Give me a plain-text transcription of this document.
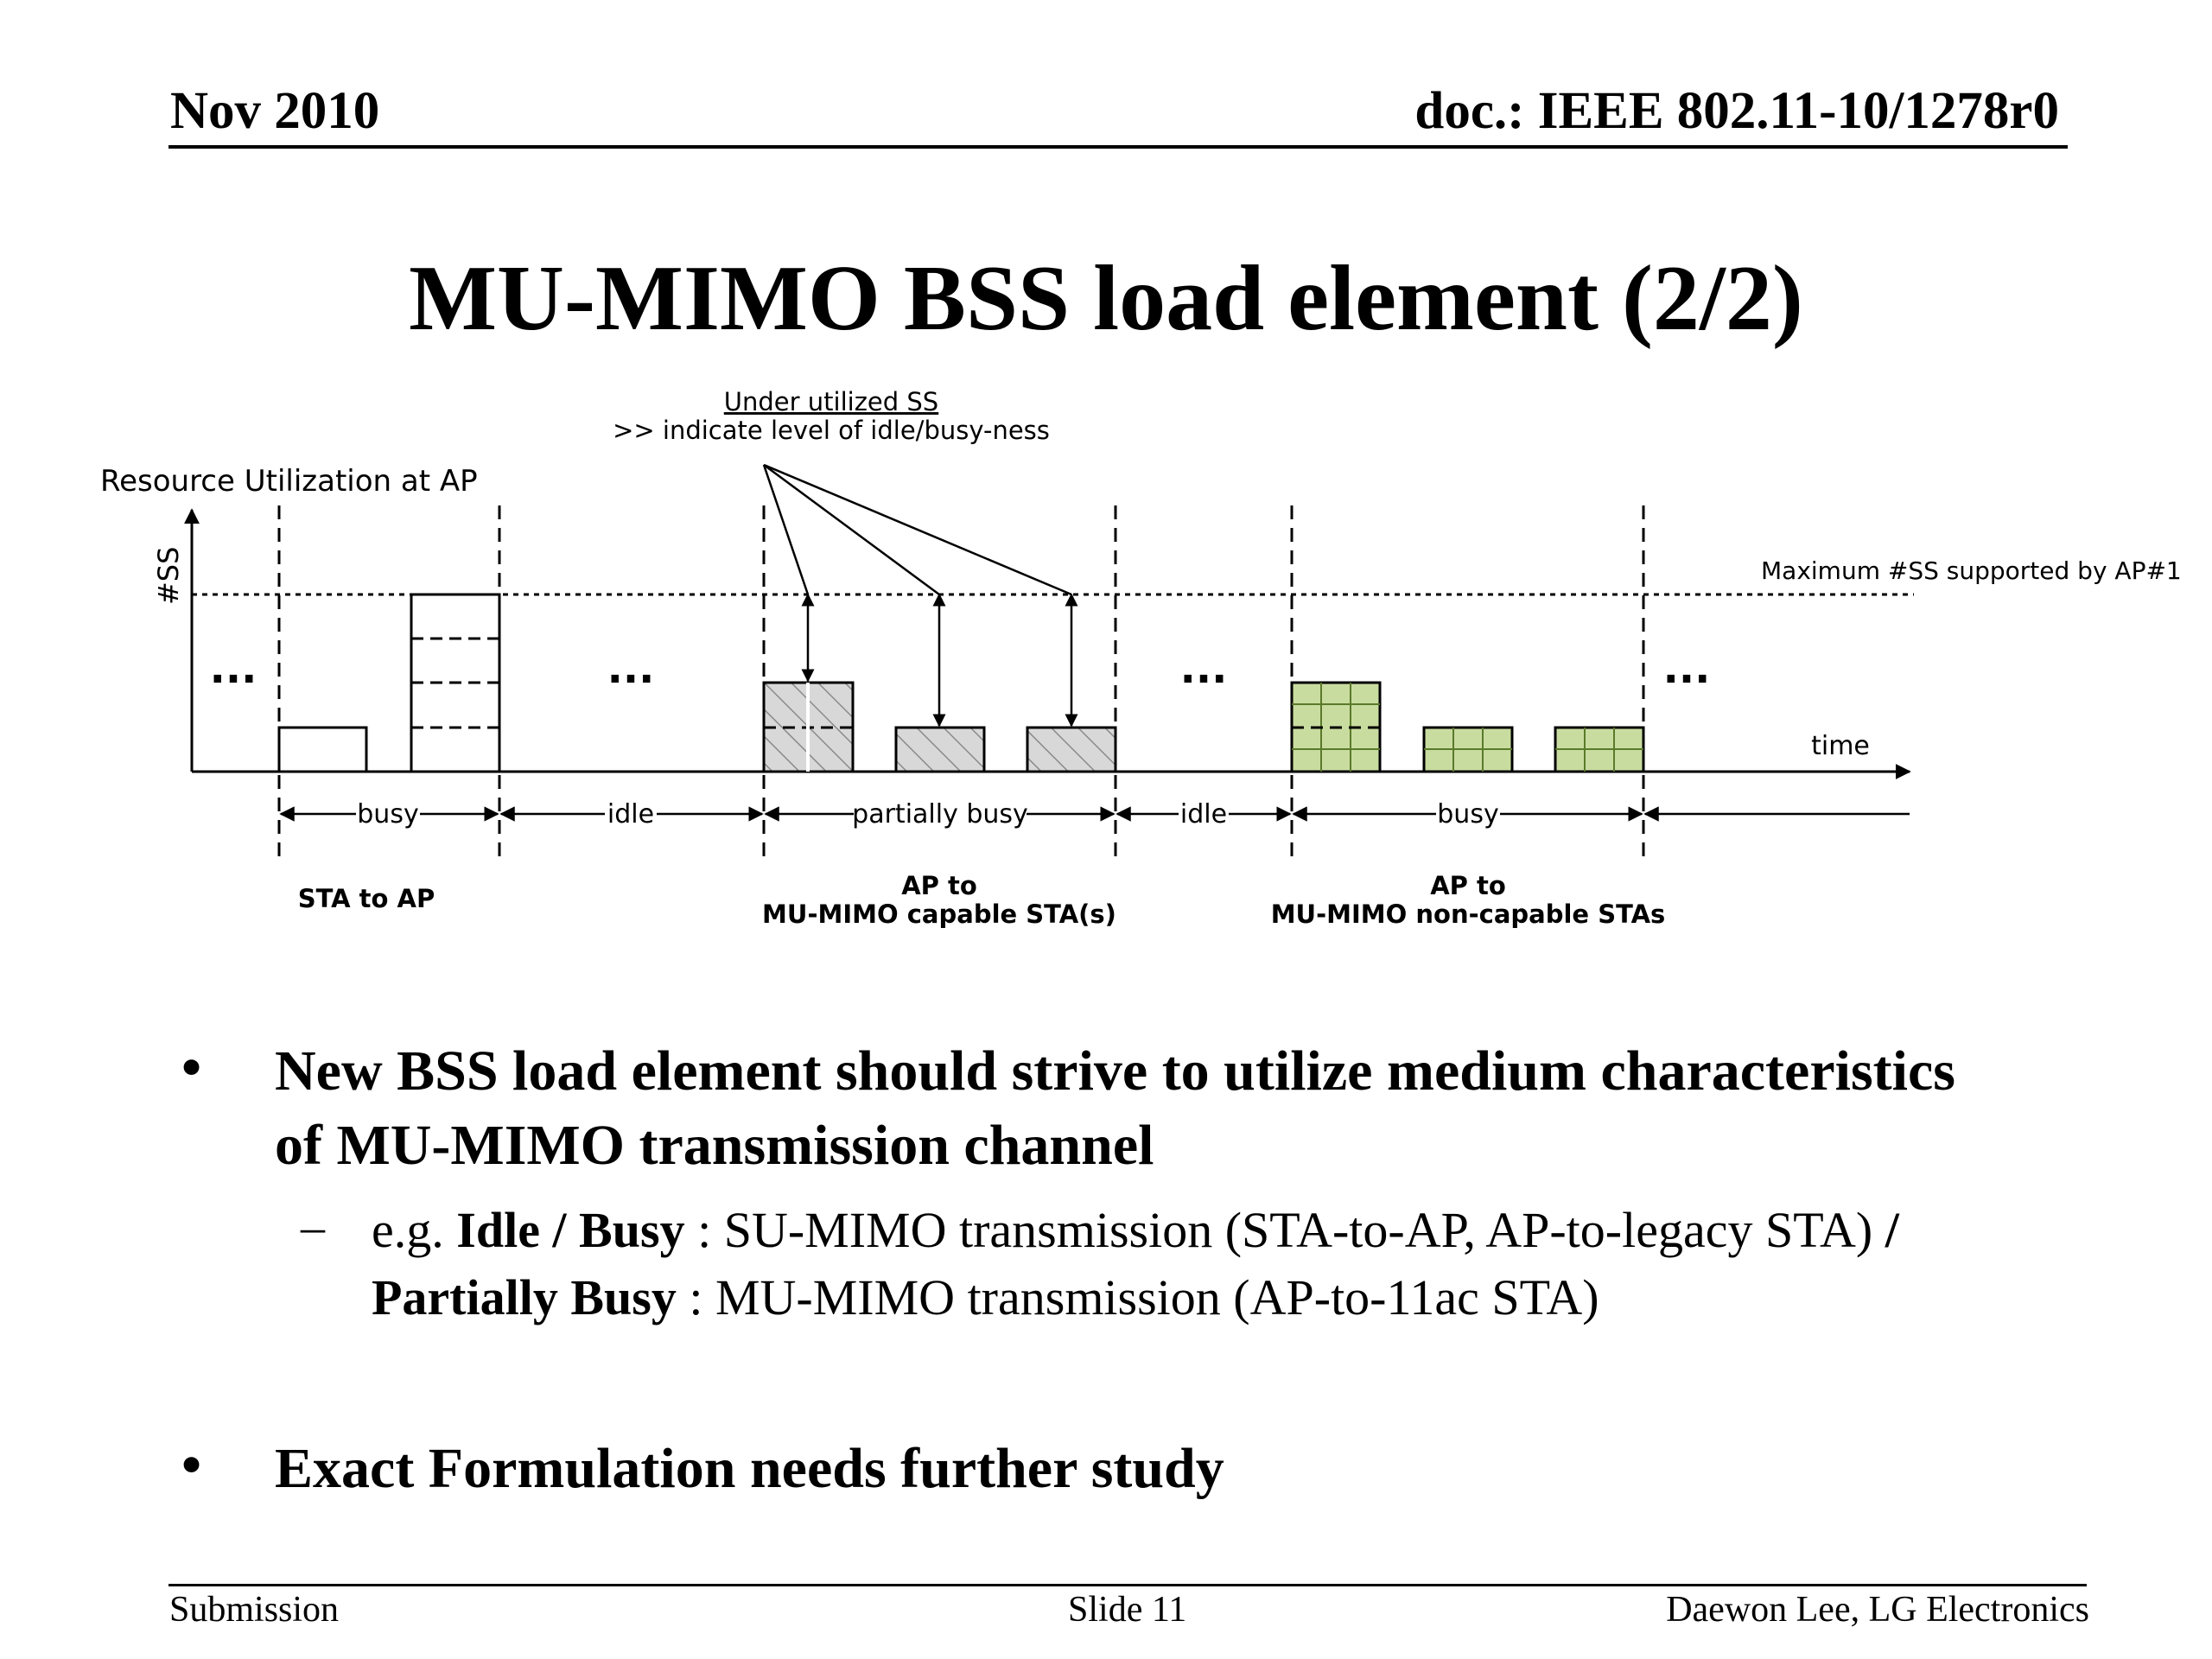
Nov 2010	doc.: IEEE 802.11-10/1278r0
MU-MIMO BSS load element (2/2)
Under utilized SS
>> indicate level of idle/busy-ness
Resource Utilization at AP
#SS
time
Maximum #SS supported by AP#1
...	...	...	...
busy	idle	partially busy	idle	busy
STA to AP	AP to
MU-MIMO capable STA(s)
AP to
MU-MIMO non-capable STAs
• New BSS load element should strive to utilize medium characteristics of MU-MIMO transmission channel
– e.g. Idle / Busy : SU-MIMO transmission (STA-to-AP, AP-to-legacy STA) / Partially Busy : MU-MIMO transmission (AP-to-11ac STA)
• Exact Formulation needs further study
Submission	Slide 11	Daewon Lee, LG Electronics
